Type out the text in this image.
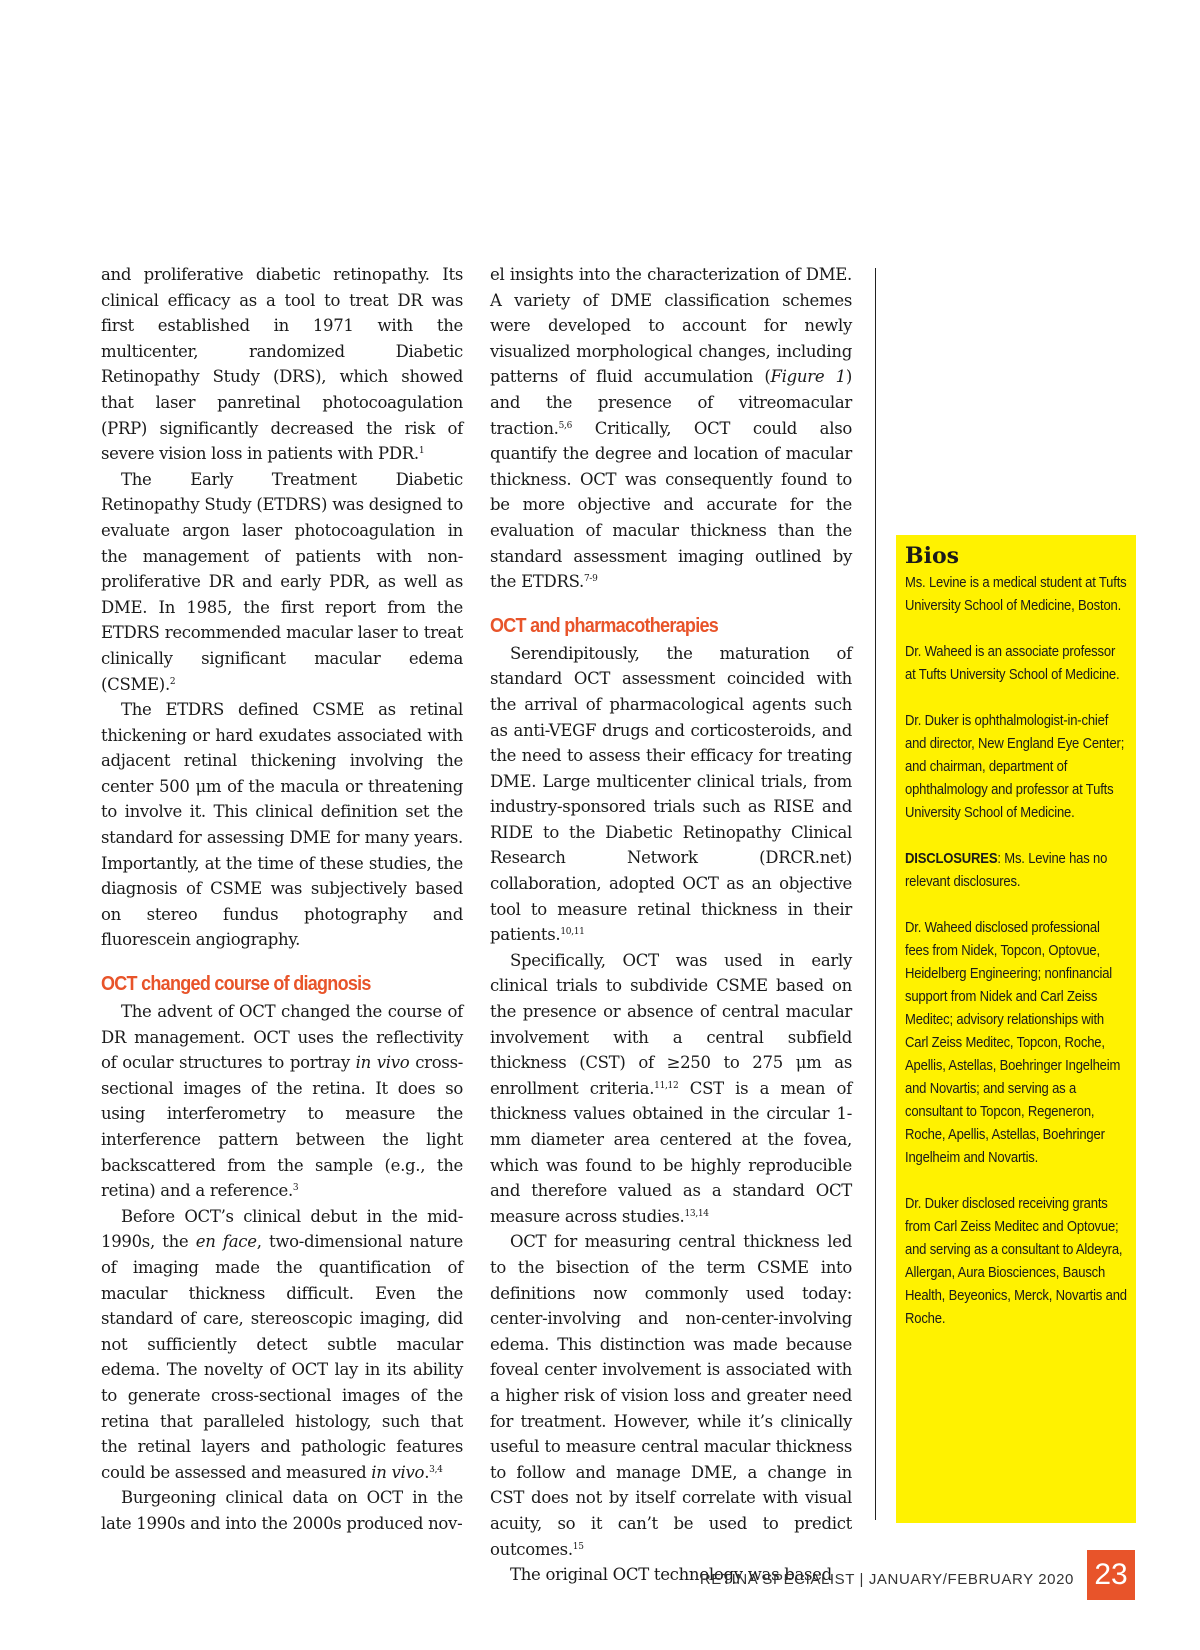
and proliferative diabetic retinopathy. Its clinical efficacy as a tool to treat DR was first established in 1971 with the multicenter, randomized Diabetic Retinopathy Study (DRS), which showed that laser panretinal photocoagulation (PRP) significantly decreased the risk of severe vision loss in patients with PDR.$^1$

The Early Treatment Diabetic Retinopathy Study (ETDRS) was designed to evaluate argon laser photocoagulation in the management of patients with non-proliferative DR and early PDR, as well as DME. In 1985, the first report from the ETDRS recommended macular laser to treat clinically significant macular edema (CSME).$^2$

The ETDRS defined CSME as retinal thickening or hard exudates associated with adjacent retinal thickening involving the center 500 μm of the macula or threatening to involve it. This clinical definition set the standard for assessing DME for many years. Importantly, at the time of these studies, the diagnosis of CSME was subjectively based on stereo fundus photography and fluorescein angiography.

OCT changed course of diagnosis

The advent of OCT changed the course of DR management. OCT uses the reflectivity of ocular structures to portray in vivo cross-sectional images of the retina. It does so using interferometry to measure the interference pattern between the light backscattered from the sample (e.g., the retina) and a reference.$^3$

Before OCT’s clinical debut in the mid-1990s, the en face, two-dimensional nature of imaging made the quantification of macular thickness difficult. Even the standard of care, stereoscopic imaging, did not sufficiently detect subtle macular edema. The novelty of OCT lay in its ability to generate cross-sectional images of the retina that paralleled histology, such that the retinal layers and pathologic features could be assessed and measured in vivo.$^{3,4}$

Burgeoning clinical data on OCT in the late 1990s and into the 2000s produced nov-

el insights into the characterization of DME. A variety of DME classification schemes were developed to account for newly visualized morphological changes, including patterns of fluid accumulation (Figure 1) and the presence of vitreomacular traction.$^{5,6}$ Critically, OCT could also quantify the degree and location of macular thickness. OCT was consequently found to be more objective and accurate for the evaluation of macular thickness than the standard assessment imaging outlined by the ETDRS.$^{7-9}$

OCT and pharmacotherapies

Serendipitously, the maturation of standard OCT assessment coincided with the arrival of pharmacological agents such as anti-VEGF drugs and corticosteroids, and the need to assess their efficacy for treating DME. Large multicenter clinical trials, from industry-sponsored trials such as RISE and RIDE to the Diabetic Retinopathy Clinical Research Network (DRCR.net) collaboration, adopted OCT as an objective tool to measure retinal thickness in their patients.$^{10,11}$

Specifically, OCT was used in early clinical trials to subdivide CSME based on the presence or absence of central macular involvement with a central subfield thickness (CST) of ≥250 to 275 μm as enrollment criteria.$^{11,12}$ CST is a mean of thickness values obtained in the circular 1-mm diameter area centered at the fovea, which was found to be highly reproducible and therefore valued as a standard OCT measure across studies.$^{13,14}$

OCT for measuring central thickness led to the bisection of the term CSME into definitions now commonly used today: center-involving and non-center-involving edema. This distinction was made because foveal center involvement is associated with a higher risk of vision loss and greater need for treatment. However, while it’s clinically useful to measure central macular thickness to follow and manage DME, a change in CST does not by itself correlate with visual acuity, so it can’t be used to predict outcomes.$^{15}$

The original OCT technology was based

Bios

Ms. Levine is a medical student at Tufts University School of Medicine, Boston.

Dr. Waheed is an associate professor at Tufts University School of Medicine.

Dr. Duker is ophthalmologist-in-chief and director, New England Eye Center; and chairman, department of ophthalmology and professor at Tufts University School of Medicine.

DISCLOSURES: Ms. Levine has no relevant disclosures.

Dr. Waheed disclosed professional fees from Nidek, Topcon, Optovue, Heidelberg Engineering; nonfinancial support from Nidek and Carl Zeiss Meditec; advisory relationships with Carl Zeiss Meditec, Topcon, Roche, Apellis, Astellas, Boehringer Ingelheim and Novartis; and serving as a consultant to Topcon, Regeneron, Roche, Apellis, Astellas, Boehringer Ingelheim and Novartis.

Dr. Duker disclosed receiving grants from Carl Zeiss Meditec and Optovue; and serving as a consultant to Aldeyra, Allergan, Aura Biosciences, Bausch Health, Beyeonics, Merck, Novartis and Roche.

RETINA SPECIALIST | JANUARY/FEBRUARY 2020 23
